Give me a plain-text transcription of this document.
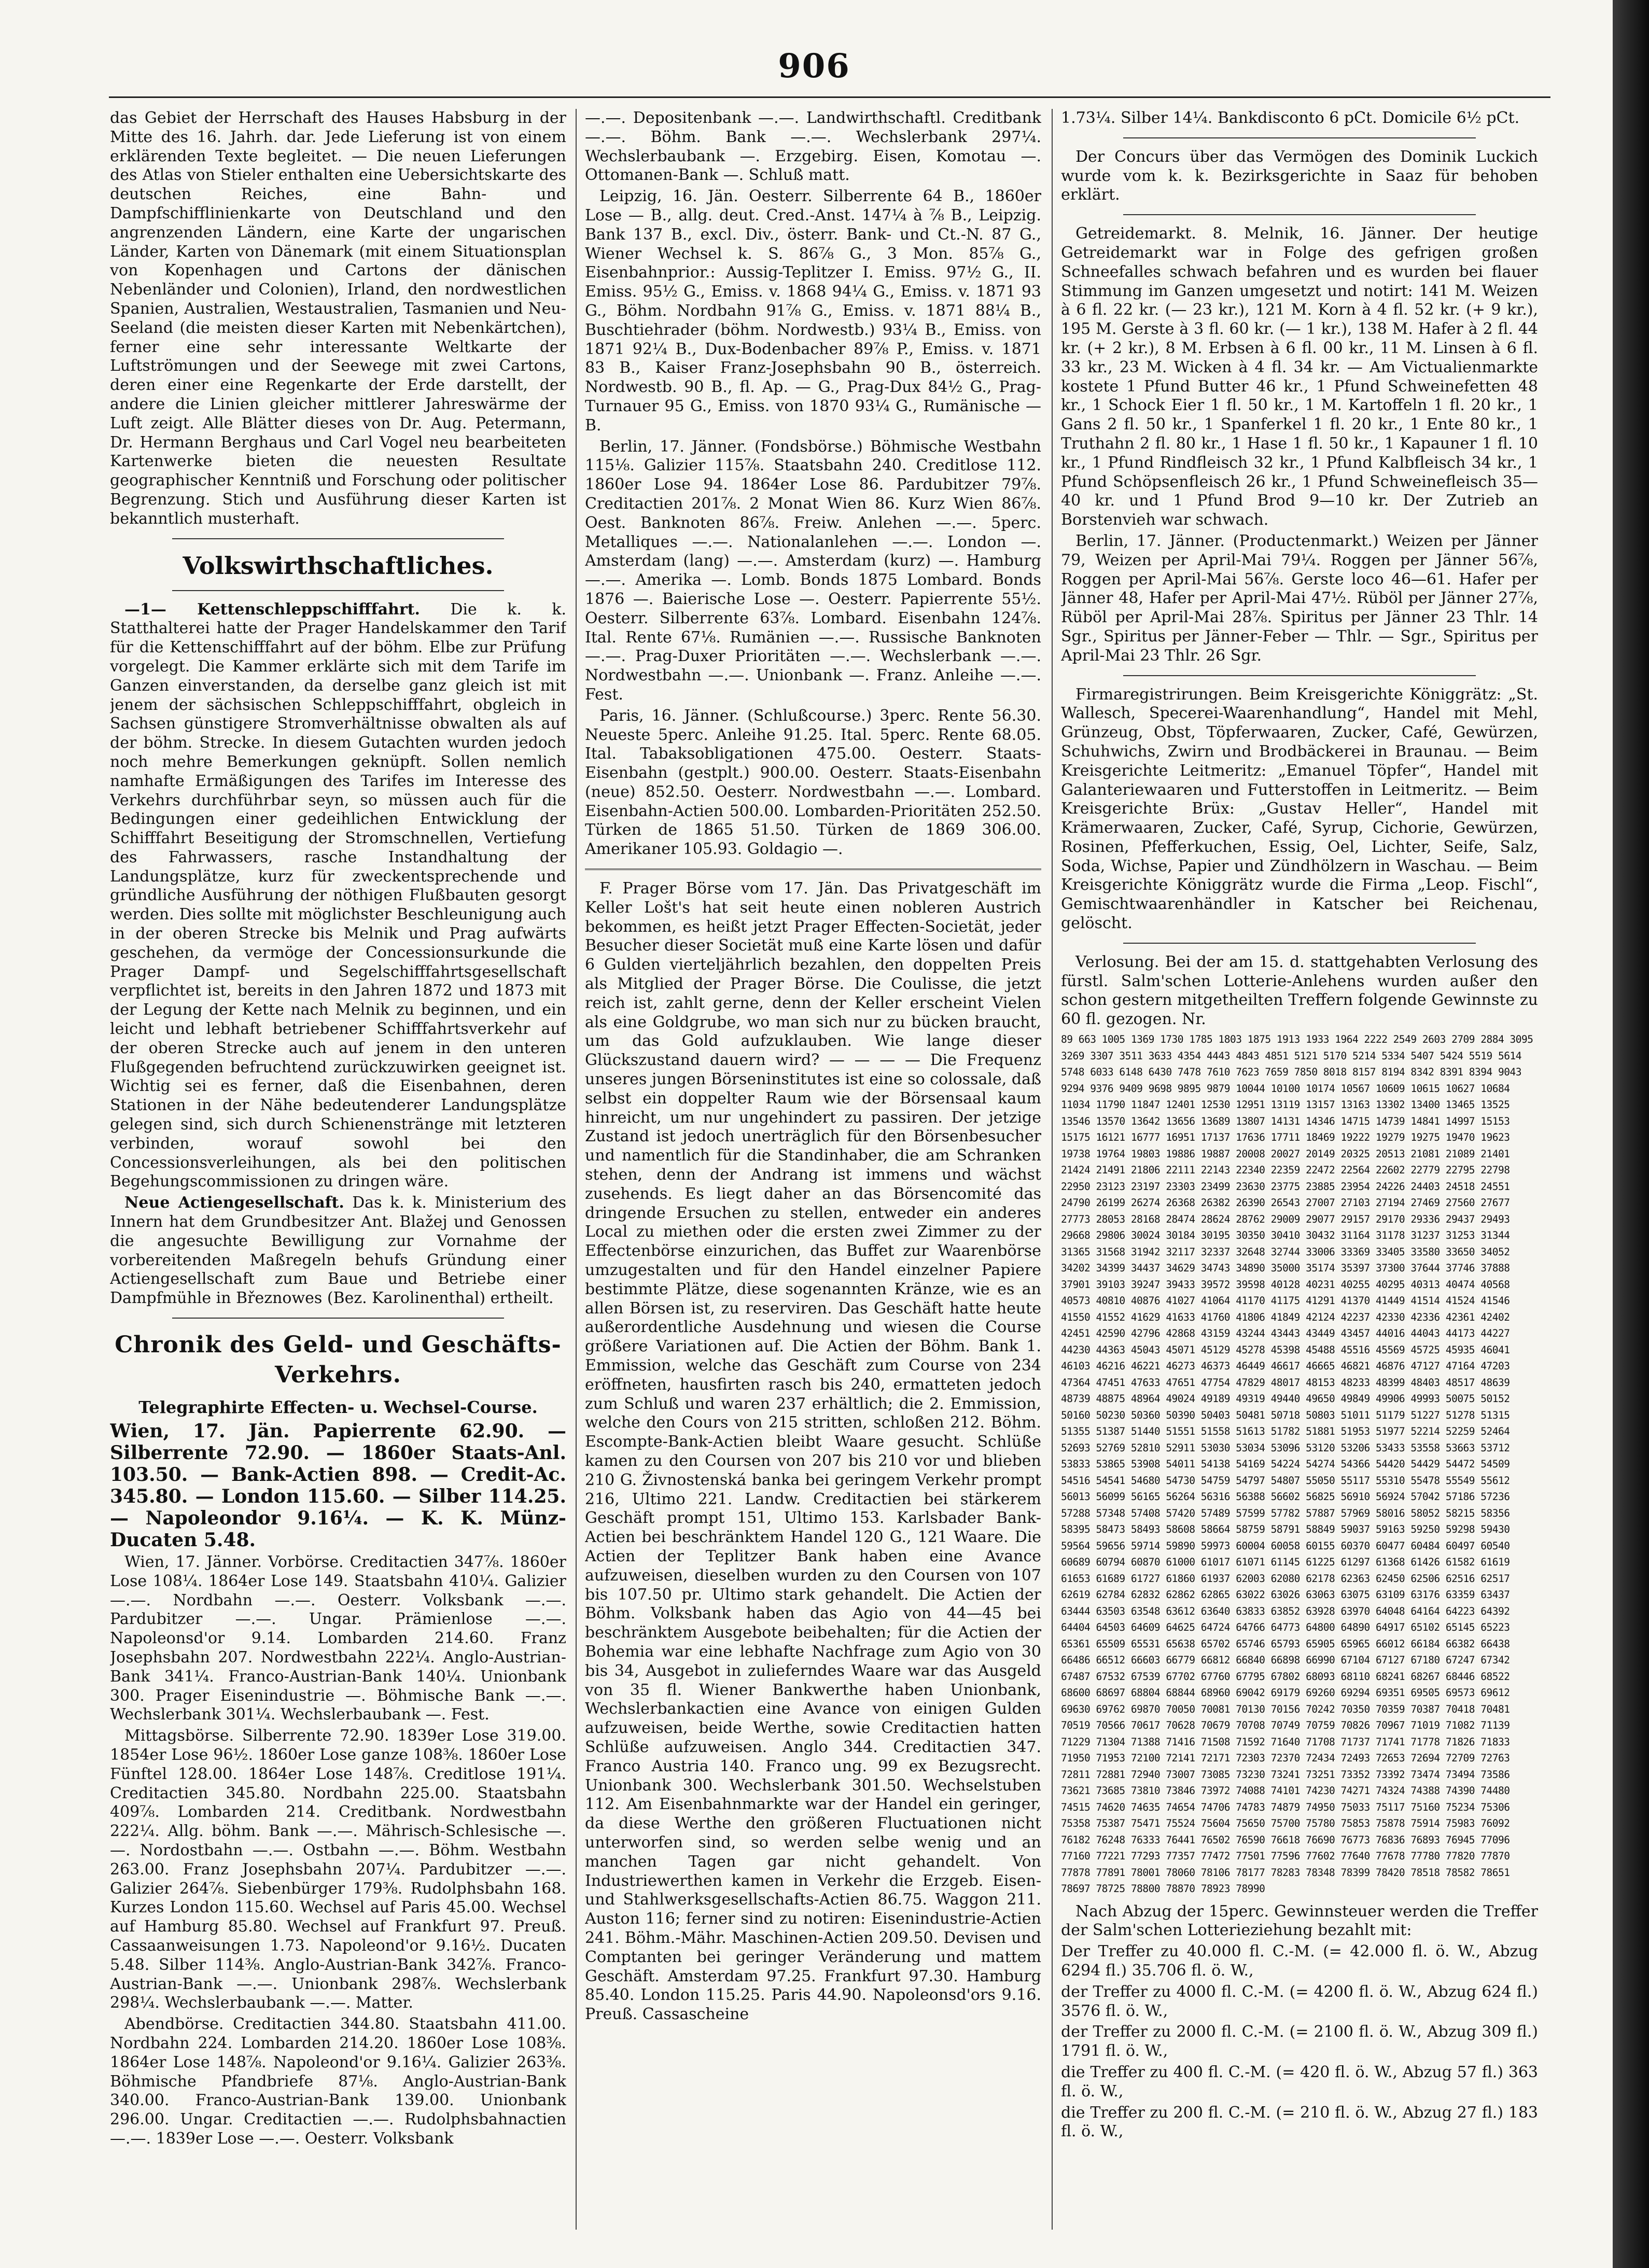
906

das Gebiet der Herrschaft des Hauses Habsburg in der Mitte des 16. Jahrh. dar. Jede Lieferung ist von einem erklärenden Texte begleitet. — Die neuen Lieferungen des Atlas von Stieler enthalten eine Uebersichtskarte des deutschen Reiches, eine Bahn- und Dampfschifflinienkarte von Deutschland und den angrenzenden Ländern, eine Karte der ungarischen Länder, Karten von Dänemark (mit einem Situationsplan von Kopenhagen und Cartons der dänischen Nebenländer und Colonien), Irland, den nordwestlichen Spanien, Australien, Westaustralien, Tasmanien und Neu-Seeland (die meisten dieser Karten mit Nebenkärtchen), ferner eine sehr interessante Weltkarte der Luftströmungen und der Seewege mit zwei Cartons, deren einer eine Regenkarte der Erde darstellt, der andere die Linien gleicher mittlerer Jahreswärme der Luft zeigt. Alle Blätter dieses von Dr. Aug. Petermann, Dr. Hermann Berghaus und Carl Vogel neu bearbeiteten Kartenwerke bieten die neuesten Resultate geographischer Kenntniß und Forschung oder politischer Begrenzung. Stich und Ausführung dieser Karten ist bekanntlich musterhaft.

Volkswirthschaftliches.

—1— Kettenschleppschifffahrt. Die k. k. Statthalterei hatte der Prager Handelskammer den Tarif für die Kettenschifffahrt auf der böhm. Elbe zur Prüfung vorgelegt. Die Kammer erklärte sich mit dem Tarife im Ganzen einverstanden, da derselbe ganz gleich ist mit jenem der sächsischen Schleppschifffahrt, obgleich in Sachsen günstigere Stromverhältnisse obwalten als auf der böhm. Strecke. In diesem Gutachten wurden jedoch noch mehre Bemerkungen geknüpft. Sollen nemlich namhafte Ermäßigungen des Tarifes im Interesse des Verkehrs durchführbar seyn, so müssen auch für die Bedingungen einer gedeihlichen Entwicklung der Schifffahrt Beseitigung der Stromschnellen, Vertiefung des Fahrwassers, rasche Instandhaltung der Landungsplätze, kurz für zweckentsprechende und gründliche Ausführung der nöthigen Flußbauten gesorgt werden. Dies sollte mit möglichster Beschleunigung auch in der oberen Strecke bis Melnik und Prag aufwärts geschehen, da vermöge der Concessionsurkunde die Prager Dampf- und Segelschifffahrtsgesellschaft verpflichtet ist, bereits in den Jahren 1872 und 1873 mit der Legung der Kette nach Melnik zu beginnen, und ein leicht und lebhaft betriebener Schifffahrtsverkehr auf der oberen Strecke auch auf jenem in den unteren Flußgegenden befruchtend zurückzuwirken geeignet ist. Wichtig sei es ferner, daß die Eisenbahnen, deren Stationen in der Nähe bedeutenderer Landungsplätze gelegen sind, sich durch Schienenstränge mit letzteren verbinden, worauf sowohl bei den Concessionsverleihungen, als bei den politischen Begehungscommissionen zu dringen wäre.

Neue Actiengesellschaft. Das k. k. Ministerium des Innern hat dem Grundbesitzer Ant. Blažej und Genossen die angesuchte Bewilligung zur Vornahme der vorbereitenden Maßregeln behufs Gründung einer Actiengesellschaft zum Baue und Betriebe einer Dampfmühle in Březnowes (Bez. Karolinenthal) ertheilt.

Chronik des Geld- und Geschäfts-Verkehrs.
Telegraphirte Effecten- u. Wechsel-Course.

Wien, 17. Jän. Papierrente 62.90. — Silberrente 72.90. — 1860er Staats-Anl. 103.50. — Bank-Actien 898. — Credit-Ac. 345.80. — London 115.60. — Silber 114.25. — Napoleondor 9.16¼. — K. K. Münz-Ducaten 5.48.

Wien, 17. Jänner. Vorbörse. Creditactien 347⅞. 1860er Lose 108¼. 1864er Lose 149. Staatsbahn 410¼. Galizier —.—. Nordbahn —.—. Oesterr. Volksbank —.—. Pardubitzer —.—. Ungar. Prämienlose —.—. Napoleonsd'or 9.14. Lombarden 214.60. Franz Josephsbahn 207. Nordwestbahn 222¼. Anglo-Austrian-Bank 341¼. Franco-Austrian-Bank 140¼. Unionbank 300. Prager Eisenindustrie —. Böhmische Bank —.—. Wechslerbank 301¼. Wechslerbaubank —. Fest.

Mittagsbörse. Silberrente 72.90. 1839er Lose 319.00. 1854er Lose 96½. 1860er Lose ganze 108⅜. 1860er Lose Fünftel 128.00. 1864er Lose 148⅞. Creditlose 191¼. Creditactien 345.80. Nordbahn 225.00. Staatsbahn 409⅞. Lombarden 214. Creditbank. Nordwestbahn 222¼. Allg. böhm. Bank —.—. Mährisch-Schlesische —.—. Nordostbahn —.—. Ostbahn —.—. Böhm. Westbahn 263.00. Franz Josephsbahn 207¼. Pardubitzer —.—. Galizier 264⅞. Siebenbürger 179⅜. Rudolphsbahn 168. Kurzes London 115.60. Wechsel auf Paris 45.00. Wechsel auf Hamburg 85.80. Wechsel auf Frankfurt 97. Preuß. Cassaanweisungen 1.73. Napoleond'or 9.16½. Ducaten 5.48. Silber 114⅜. Anglo-Austrian-Bank 342⅞. Franco-Austrian-Bank —.—. Unionbank 298⅞. Wechslerbank 298¼. Wechslerbaubank —.—. Matter.

Abendbörse. Creditactien 344.80. Staatsbahn 411.00. Nordbahn 224. Lombarden 214.20. 1860er Lose 108⅜. 1864er Lose 148⅞. Napoleond'or 9.16¼. Galizier 263⅜. Böhmische Pfandbriefe 87⅛. Anglo-Austrian-Bank 340.00. Franco-Austrian-Bank 139.00. Unionbank 296.00. Ungar. Creditactien —.—. Rudolphsbahnactien —.—. 1839er Lose —.—. Oesterr. Volksbank

—.—. Depositenbank —.—. Landwirthschaftl. Creditbank —.—. Böhm. Bank —.—. Wechslerbank 297¼. Wechslerbaubank —. Erzgebirg. Eisen, Komotau —. Ottomanen-Bank —. Schluß matt.

Leipzig, 16. Jän. Oesterr. Silberrente 64 B., 1860er Lose — B., allg. deut. Cred.-Anst. 147¼ à ⅞ B., Leipzig. Bank 137 B., excl. Div., österr. Bank- und Ct.-N. 87 G., Wiener Wechsel k. S. 86⅞ G., 3 Mon. 85⅞ G., Eisenbahnprior.: Aussig-Teplitzer I. Emiss. 97½ G., II. Emiss. 95½ G., Emiss. v. 1868 94¼ G., Emiss. v. 1871 93 G., Böhm. Nordbahn 91⅞ G., Emiss. v. 1871 88¼ B., Buschtiehrader (böhm. Nordwestb.) 93¼ B., Emiss. von 1871 92¼ B., Dux-Bodenbacher 89⅞ P., Emiss. v. 1871 83 B., Kaiser Franz-Josephsbahn 90 B., österreich. Nordwestb. 90 B., fl. Ap. — G., Prag-Dux 84½ G., Prag-Turnauer 95 G., Emiss. von 1870 93¼ G., Rumänische — B.

Berlin, 17. Jänner. (Fondsbörse.) Böhmische Westbahn 115⅛. Galizier 115⅞. Staatsbahn 240. Creditlose 112. 1860er Lose 94. 1864er Lose 86. Pardubitzer 79⅞. Creditactien 201⅞. 2 Monat Wien 86. Kurz Wien 86⅞. Oest. Banknoten 86⅞. Freiw. Anlehen —.—. 5perc. Metalliques —.—. Nationalanlehen —.—. London —. Amsterdam (lang) —.—. Amsterdam (kurz) —. Hamburg —.—. Amerika —. Lomb. Bonds 1875 Lombard. Bonds 1876 —. Baierische Lose —. Oesterr. Papierrente 55½. Oesterr. Silberrente 63⅞. Lombard. Eisenbahn 124⅞. Ital. Rente 67⅛. Rumänien —.—. Russische Banknoten —.—. Prag-Duxer Prioritäten —.—. Wechslerbank —.—. Nordwestbahn —.—. Unionbank —. Franz. Anleihe —.—. Fest.

Paris, 16. Jänner. (Schlußcourse.) 3perc. Rente 56.30. Neueste 5perc. Anleihe 91.25. Ital. 5perc. Rente 68.05. Ital. Tabaksobligationen 475.00. Oesterr. Staats-Eisenbahn (gestplt.) 900.00. Oesterr. Staats-Eisenbahn (neue) 852.50. Oesterr. Nordwestbahn —.—. Lombard. Eisenbahn-Actien 500.00. Lombarden-Prioritäten 252.50. Türken de 1865 51.50. Türken de 1869 306.00. Amerikaner 105.93. Goldagio —.

F. Prager Börse vom 17. Jän. Das Privatgeschäft im Keller Lošt's hat seit heute einen nobleren Austrich bekommen, es heißt jetzt Prager Effecten-Societät, jeder Besucher dieser Societät muß eine Karte lösen und dafür 6 Gulden vierteljährlich bezahlen, den doppelten Preis als Mitglied der Prager Börse. Die Coulisse, die jetzt reich ist, zahlt gerne, denn der Keller erscheint Vielen als eine Goldgrube, wo man sich nur zu bücken braucht, um das Gold aufzuklauben. Wie lange dieser Glückszustand dauern wird? — — — — Die Frequenz unseres jungen Börseninstitutes ist eine so colossale, daß selbst ein doppelter Raum wie der Börsensaal kaum hinreicht, um nur ungehindert zu passiren. Der jetzige Zustand ist jedoch unerträglich für den Börsenbesucher und namentlich für die Standinhaber, die am Schranken stehen, denn der Andrang ist immens und wächst zusehends. Es liegt daher an das Börsencomité das dringende Ersuchen zu stellen, entweder ein anderes Local zu miethen oder die ersten zwei Zimmer zu der Effectenbörse einzurichen, das Buffet zur Waarenbörse umzugestalten und für den Handel einzelner Papiere bestimmte Plätze, diese sogenannten Kränze, wie es an allen Börsen ist, zu reserviren. Das Geschäft hatte heute außerordentliche Ausdehnung und wiesen die Course größere Variationen auf. Die Actien der Böhm. Bank 1. Emmission, welche das Geschäft zum Course von 234 eröffneten, hausfirten rasch bis 240, ermatteten jedoch zum Schluß und waren 237 erhältlich; die 2. Emmission, welche den Cours von 215 stritten, schloßen 212. Böhm. Escompte-Bank-Actien bleibt Waare gesucht. Schlüße kamen zu den Coursen von 207 bis 210 vor und blieben 210 G. Živnostenská banka bei geringem Verkehr prompt 216, Ultimo 221. Landw. Creditactien bei stärkerem Geschäft prompt 151, Ultimo 153. Karlsbader Bank-Actien bei beschränktem Handel 120 G., 121 Waare. Die Actien der Teplitzer Bank haben eine Avance aufzuweisen, dieselben wurden zu den Coursen von 107 bis 107.50 pr. Ultimo stark gehandelt. Die Actien der Böhm. Volksbank haben das Agio von 44—45 bei beschränktem Ausgebote beibehalten; für die Actien der Bohemia war eine lebhafte Nachfrage zum Agio von 30 bis 34, Ausgebot in zulieferndes Waare war das Ausgeld von 35 fl. Wiener Bankwerthe haben Unionbank, Wechslerbankactien eine Avance von einigen Gulden aufzuweisen, beide Werthe, sowie Creditactien hatten Schlüße aufzuweisen. Anglo 344. Creditactien 347. Franco Austria 140. Franco ung. 99 ex Bezugsrecht. Unionbank 300. Wechslerbank 301.50. Wechselstuben 112. Am Eisenbahnmarkte war der Handel ein geringer, da diese Werthe den größeren Fluctuationen nicht unterworfen sind, so werden selbe wenig und an manchen Tagen gar nicht gehandelt. Von Industriewerthen kamen in Verkehr die Erzgeb. Eisen- und Stahlwerksgesellschafts-Actien 86.75. Waggon 211. Auston 116; ferner sind zu notiren: Eisenindustrie-Actien 241. Böhm.-Mähr. Maschinen-Actien 209.50. Devisen und Comptanten bei geringer Veränderung und mattem Geschäft. Amsterdam 97.25. Frankfurt 97.30. Hamburg 85.40. London 115.25. Paris 44.90. Napoleonsd'ors 9.16. Preuß. Cassascheine

1.73¼. Silber 14¼. Bankdisconto 6 pCt. Domicile 6½ pCt.

Der Concurs über das Vermögen des Dominik Luckich wurde vom k. k. Bezirksgerichte in Saaz für behoben erklärt.

Getreidemarkt. 8. Melnik, 16. Jänner. Der heutige Getreidemarkt war in Folge des gefrigen großen Schneefalles schwach befahren und es wurden bei flauer Stimmung im Ganzen umgesetzt und notirt: 141 M. Weizen à 6 fl. 22 kr. (— 23 kr.), 121 M. Korn à 4 fl. 52 kr. (+ 9 kr.), 195 M. Gerste à 3 fl. 60 kr. (— 1 kr.), 138 M. Hafer à 2 fl. 44 kr. (+ 2 kr.), 8 M. Erbsen à 6 fl. 00 kr., 11 M. Linsen à 6 fl. 33 kr., 23 M. Wicken à 4 fl. 34 kr. — Am Victualienmarkte kostete 1 Pfund Butter 46 kr., 1 Pfund Schweinefetten 48 kr., 1 Schock Eier 1 fl. 50 kr., 1 M. Kartoffeln 1 fl. 20 kr., 1 Gans 2 fl. 50 kr., 1 Spanferkel 1 fl. 20 kr., 1 Ente 80 kr., 1 Truthahn 2 fl. 80 kr., 1 Hase 1 fl. 50 kr., 1 Kapauner 1 fl. 10 kr., 1 Pfund Rindfleisch 32 kr., 1 Pfund Kalbfleisch 34 kr., 1 Pfund Schöpsenfleisch 26 kr., 1 Pfund Schweinefleisch 35—40 kr. und 1 Pfund Brod 9—10 kr. Der Zutrieb an Borstenvieh war schwach.

Berlin, 17. Jänner. (Productenmarkt.) Weizen per Jänner 79, Weizen per April-Mai 79¼. Roggen per Jänner 56⅞, Roggen per April-Mai 56⅞. Gerste loco 46—61. Hafer per Jänner 48, Hafer per April-Mai 47½. Rüböl per Jänner 27⅞, Rüböl per April-Mai 28⅞. Spiritus per Jänner 23 Thlr. 14 Sgr., Spiritus per Jänner-Feber — Thlr. — Sgr., Spiritus per April-Mai 23 Thlr. 26 Sgr.

Firmaregistrirungen. Beim Kreisgerichte Königgrätz: „St. Wallesch, Specerei-Waarenhandlung“, Handel mit Mehl, Grünzeug, Obst, Töpferwaaren, Zucker, Café, Gewürzen, Schuhwichs, Zwirn und Brodbäckerei in Braunau. — Beim Kreisgerichte Leitmeritz: „Emanuel Töpfer“, Handel mit Galanteriewaaren und Futterstoffen in Leitmeritz. — Beim Kreisgerichte Brüx: „Gustav Heller“, Handel mit Krämerwaaren, Zucker, Café, Syrup, Cichorie, Gewürzen, Rosinen, Pfefferkuchen, Essig, Oel, Lichter, Seife, Salz, Soda, Wichse, Papier und Zündhölzern in Waschau. — Beim Kreisgerichte Königgrätz wurde die Firma „Leop. Fischl“, Gemischtwaarenhändler in Katscher bei Reichenau, gelöscht.

Verlosung. Bei der am 15. d. stattgehabten Verlosung des fürstl. Salm'schen Lotterie-Anlehens wurden außer den schon gestern mitgetheilten Treffern folgende Gewinnste zu 60 fl. gezogen. Nr.

89 663 1005 1369 1730 1785 1803 1875 1913 1933 1964 2222 2549 2603 2709 2884 3095 3269 3307 3511 3633 4354 4443 4843 4851 5121 5170 5214 5334 5407 5424 5519 5614 5748 6033 6148 6430 7478 7610 7623 7659 7850 8018 8157 8194 8342 8391 8394 9043 9294 9376 9409 9698 9895 9879 10044 10100 10174 10567 10609 10615 10627 10684 11034 11790 11847 12401 12530 12951 13119 13157 13163 13302 13400 13465 13525 13546 13570 13642 13656 13689 13807 14131 14346 14715 14739 14841 14997 15153 15175 16121 16777 16951 17137 17636 17711 18469 19222 19279 19275 19470 19623 19738 19764 19803 19886 19887 20008 20027 20149 20325 20513 21081 21089 21401 21424 21491 21806 22111 22143 22340 22359 22472 22564 22602 22779 22795 22798 22950 23123 23197 23303 23499 23630 23775 23885 23954 24226 24403 24518 24551 24790 26199 26274 26368 26382 26390 26543 27007 27103 27194 27469 27560 27677 27773 28053 28168 28474 28624 28762 29009 29077 29157 29170 29336 29437 29493 29668 29806 30024 30184 30195 30350 30410 30432 31164 31178 31237 31253 31344 31365 31568 31942 32117 32337 32648 32744 33006 33369 33405 33580 33650 34052 34202 34399 34437 34629 34743 34890 35000 35174 35397 37300 37644 37746 37888 37901 39103 39247 39433 39572 39598 40128 40231 40255 40295 40313 40474 40568 40573 40810 40876 41027 41064 41170 41175 41291 41370 41449 41514 41524 41546 41550 41552 41629 41633 41760 41806 41849 42124 42237 42330 42336 42361 42402 42451 42590 42796 42868 43159 43244 43443 43449 43457 44016 44043 44173 44227 44230 44363 45043 45071 45129 45278 45398 45488 45516 45569 45725 45935 46041 46103 46216 46221 46273 46373 46449 46617 46665 46821 46876 47127 47164 47203 47364 47451 47633 47651 47754 47829 48017 48153 48233 48399 48403 48517 48639 48739 48875 48964 49024 49189 49319 49440 49650 49849 49906 49993 50075 50152 50160 50230 50360 50390 50403 50481 50718 50803 51011 51179 51227 51278 51315 51355 51387 51440 51551 51558 51613 51782 51881 51953 51977 52214 52259 52464 52693 52769 52810 52911 53030 53034 53096 53120 53206 53433 53558 53663 53712 53833 53865 53908 54011 54138 54169 54224 54274 54366 54420 54429 54472 54509 54516 54541 54680 54730 54759 54797 54807 55050 55117 55310 55478 55549 55612 56013 56099 56165 56264 56316 56388 56602 56825 56910 56924 57042 57186 57236 57288 57348 57408 57420 57489 57599 57782 57887 57969 58016 58052 58215 58356 58395 58473 58493 58608 58664 58759 58791 58849 59037 59163 59250 59298 59430 59564 59656 59714 59890 59973 60004 60058 60155 60370 60477 60484 60497 60540 60689 60794 60870 61000 61017 61071 61145 61225 61297 61368 61426 61582 61619 61653 61689 61727 61860 61937 62003 62080 62178 62363 62450 62506 62516 62517 62619 62784 62832 62862 62865 63022 63026 63063 63075 63109 63176 63359 63437 63444 63503 63548 63612 63640 63833 63852 63928 63970 64048 64164 64223 64392 64404 64503 64609 64625 64724 64766 64773 64800 64890 64917 65102 65145 65223 65361 65509 65531 65638 65702 65746 65793 65905 65965 66012 66184 66382 66438 66486 66512 66603 66779 66812 66840 66898 66990 67104 67127 67180 67247 67342 67487 67532 67539 67702 67760 67795 67802 68093 68110 68241 68267 68446 68522 68600 68697 68804 68844 68960 69042 69179 69260 69294 69351 69505 69573 69612 69630 69762 69870 70050 70081 70130 70156 70242 70350 70359 70387 70418 70481 70519 70566 70617 70628 70679 70708 70749 70759 70826 70967 71019 71082 71139 71229 71304 71388 71416 71508 71592 71640 71708 71737 71741 71778 71826 71833 71950 71953 72100 72141 72171 72303 72370 72434 72493 72653 72694 72709 72763 72811 72881 72940 73007 73085 73230 73241 73251 73352 73392 73474 73494 73586 73621 73685 73810 73846 73972 74088 74101 74230 74271 74324 74388 74390 74480 74515 74620 74635 74654 74706 74783 74879 74950 75033 75117 75160 75234 75306 75358 75387 75471 75524 75604 75650 75700 75780 75853 75878 75914 75983 76092 76182 76248 76333 76441 76502 76590 76618 76690 76773 76836 76893 76945 77096 77160 77221 77293 77357 77472 77501 77596 77602 77640 77678 77780 77820 77870 77878 77891 78001 78060 78106 78177 78283 78348 78399 78420 78518 78582 78651 78697 78725 78800 78870 78923 78990

Nach Abzug der 15perc. Gewinnsteuer werden die Treffer der Salm'schen Lotterieziehung bezahlt mit:

Der Treffer zu 40.000 fl. C.-M. (= 42.000 fl. ö. W., Abzug 6294 fl.) 35.706 fl. ö. W.,

der Treffer zu 4000 fl. C.-M. (= 4200 fl. ö. W., Abzug 624 fl.) 3576 fl. ö. W.,

der Treffer zu 2000 fl. C.-M. (= 2100 fl. ö. W., Abzug 309 fl.) 1791 fl. ö. W.,

die Treffer zu 400 fl. C.-M. (= 420 fl. ö. W., Abzug 57 fl.) 363 fl. ö. W.,

die Treffer zu 200 fl. C.-M. (= 210 fl. ö. W., Abzug 27 fl.) 183 fl. ö. W.,
